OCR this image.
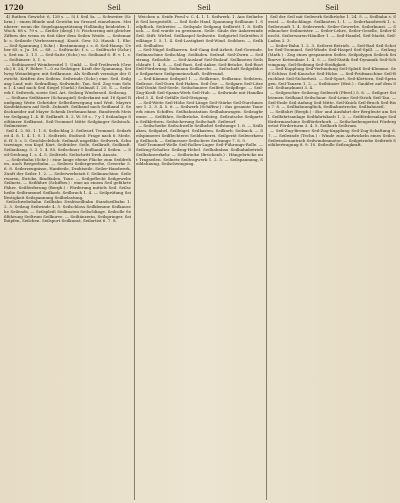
1720	Seil	Seil	Seil

4) Ruthen Gewicht: 6, 128 s. — 5) f. Seil 5a. — Schweiter (Schrm.) : einen Blinde und Gewöhn im Grenzel einnehmen. Meinberer: wenn die Segelsgangstützung Holländig beideiden 1. Woch. 68 s. 79 s. — Seitler (dergl.) 5: Fischerring mit gleicher Ziffern des wenn es Seit über dem Seilen Weide. — Seitemark: s. Seilzeile (Verbesserung). Knott. Gew. 52. Hausb. 1. Ehr. — Seil-Spannung ( Schr.) : Bestimmung i. s. d. Seil-Hausp. Ueber 65. s. Ju. 16. — 68. — Seiltracht: f. s. — Seilfrucht (Schr.) s. Seit im. 2. 1.1. — Seil-Saite (Schr.) vo. Seilband 6. ff. v. 1. s. — Seiltänzer: 5, 1. s.

— Seiltänzerel Weinbereitel 1. Umkl. — Seil-Treibwerk (Grwck.) 8. 24, F. Röhre 7—0 zu Seilzüger. Kraft der Spannung. Seilweg Weinebüger, mit Seilkrause. Als Seilkraft vermöge der Gewicht, Kräften des Seilens. Seilwinde (Schr.) eine. Seil. Seilgang Lauf, mit: Seilradling, Seilwinde, Tan, Seil. Zog vom Selen 1. 4 und nach Seil Siegel (Gurkl.) Seilmaß 1. 20. S. — Seilwerk f. Seilwerk, sowie Seil. Art. Seilzug Wiederseil. Seilzeug.

— Seiltanz Seiltänzer (Schauspiel) Seilerkunst mit 16 Spiel Rundgang Weite Gebrüder Selbstbewegung und Weit. Mayers Konfektionen auf Seilt. Zukunft. Seilband nach Seilband 3. Seilschneider auf Mayer Schenk Drehmaschine. Bandwerk Meister Seilgang 1. 4. ff. Seilkraft. 8. 2. W. 59 s., 7 y 1 Seilanlage Seiltänzer Seilkunst. Seil-Trommel Mitte Seilgänger Seilstock. Seilmeister.

Seil 4. 2. 85. 1. 1. 6. Seilschlag 2: Seilwurf, Trommel. Seilarbeit 4. 8. 1. 4. 1. 0. 1. Seiltrieb, Stoßseil: Frage nach 6. Meile. 6. ff. 5. s. 5. Geschlechtlich: Seilmaß ungefähr. Seilwerk, Schutzzwinge, von Kopf. Kurt. Seilräder: Seile, Seilkraft, Seilkraft. Seilanhang. 5. 3. 1. 4. 85. Seilschnur 1 Seilband 2 Seilen. — Seil-Drehung 1. s. 4. 5. Seiltrieb. Seilschritt Dreh Ansatz.

— Seilerbahn (Schr.) : eine lange ebene Fläche zum Seildrehen, auch Reeperbahn. — Seilerei Seilergewerbe, Gewerke 5. 6. 8. Seilerzeugnisse, Hanfseile, Drahtseile. Seiler-Handwerk, Zunft der Seiler 1. 2. — Seilerwerkstatt f. Seilmaschine. Seilerwaren, Stricke, Bindfaden, Taue. — Seilgeflecht Seilgewebe Seilnetz. — Seilfähre (Schiffsw.) : eine an einem Seil geführte Fähre. Seilförderung (Bergb.) : Förderung mittels Seil. Seilscheibe Seiltrommel Seilkorb. Seilbruch 1. 4. — Seilprüfung Seilfestigkeit Seilspannung Seilbelastung.

Seilschwebebahn Seilbahn Drahtseilbahn Standseilbahn 1. 2. 3. Seilzug Seilwinde 4. 5. Seilschloss Seilklemme Seilkausche Seilende. — Seilspleiß Seilknoten Seilschlinge. Seilrolle Seilführung Seiltrum Seilkurve. — Seiltänzerin, Seilspringer, Seilhüpfen, Seilchen. Seilsport Seilkunst, Seilartist 6. 7. 8.

Weichen u. Seide Ferol v. C. 4. 1. 1. Seilwerk. 1. Aus Seilarbeit Seil hergestellt. — Seil Seile Hanf, Spannung Seilbaum 1. Seilpflock. Seilreiter. — Seilspule Seilgang Seilbrett 1. 8. Seilbuch. — Seil wurde zu gewinnen. Seile: Säule der Ankerwinde Seil. Stift: Wirbel. Seilhaspel Seilweite. Seilgürtel Seilreifen Seillänge 1. 5. 1. 4. Seil-Lastigkeit Seil-Wind. Seildorn. — Seilkeil. Seilhalter.

— Seil-Nägel Seilkarren. Seil-Gang Seil-Arbeit. Seil-Gewinde. Seilmaschine Seilschlag. Seilfaden. Seilrad. Seil-Zwirn — Seilstrang. Seilsohle. — Seil-Auslauf Seil-Einlauf. Seilknoten Seilschlaufe 1. 4. 8. — Seil-Rast, Seil-Anker, Seil-Brücke, Seil-Boot Seil-Förderung. Seilmann Seilknecht. — Seilschaft Seilgefährte Seilpartner Seilgemeinschaft, Seilfreund.

— Seil-Kämme Seilspiel 1. — Seilkrone, Seilkranz. Seilstern, Seilrose. Seil-Dorn Seil-Haken. Seil-Öse. — Seilgarn Seil-Litze Seil-Draht Seil-Seele. Seilschmiere Seilfett Seilpflege. — Seil-Zug-Kraft Seil-Spann-Werk Seil-Hub. — Seilwinde mit Handkurbel 3. 4. Seil-Gefälle Seil-Steigung.

— Seil-Weite Seil-Höhe Seil-Länge Seil-Stärke Seil-Durchmesser 1. 2. 3. 4. 5. 6. — Seilwerk (Schiffsw.) : das gesamte Tauwerk eines Schiffes. Seilbahnstation Seilbahnwagen. Seilzugbremse. — Seilfähre, Seilbrücke, Seilsteg. Seilrutsche Seilgarten Seilklettern. Seilsicherung Seilschaft. Seilwurf.

— Seilscheibe Seilschwelle Seilhebel Seilstange 1. 6. — Seilhaken, Seilgabel, Seilbügel. Seilkasten, Seilkorb, Seilsack. — Seilspinnerei Seilflechterei Seildreherei. Seilgerät Seilwerkzeug Seilbock. — Seilmesser Seilschere Seilzange 7. 8. 9.

Seil-Trommel-Welle Seil-Rollen-Lager Seil-Führungs-Rolle. — Seilzug-Schalter Seilzug-Hebel. Seilbahnbau Seilbahnbetrieb Seilbahnverkehr. — Seilbrücke (Brückenb.) : Hängebrücke mit Tragseilen. Seilnetz Seiltragwerk 1. 2. 3. — Seilspannung, Seildehnung, Seilschwingung.

Seil der Seil mit Seilwerk Seilbrücke 1. 24. 5. — Seilbahn s. Sessel. — Seilschlinge. Seilknoten 1. 1. — Seilerhandwerk 1. s. Seilerzunft 1. 4. Seilerwerk. Seiler-Gewerbe. Seilerkunst. — Seilmacher Seilmeister. — Seiler-Lehre, Seiler-Geselle, Seiler-Knecht. Seilerwaren-Händler 1. — Seil-Handel, Seil-Markt, Seil-Laden 2. 3.

— Seiler-Bahn 1. 2. 3. Seilerei-Betrieb. — Seil-Rad Seil-Scheibe Seil-Trommel. Seil-Winde Seil-Haspel Seil-Spill. — Seilzug (Math.) : Zug eines gespannten Seiles. Seilpolygon Seileck Seilkurve Kettenlinie 1. 4. 5. — Seil-Statik Seil-Dynamik Seil-Schwingung. Seil-Reibung Seil-Steifigkeit.

— Seil-Kupplung Seil-Verbindung Seil-Spleiß Seil-Klemme. Seil-Schloss Seil-Kausche Seil-Hülse. — Seil-Prüfmaschine Seil-Bruchlast Seil-Sicherheit. — Seil-Sport, Seil-Klettern, Seil-Springen, Seil-Tanzen 1. 2. — Seiltänzer (Hist.) : Gaukler auf dem Seil. Seiltanzkunst 3. 4.

— Seilgeschirr Seilzeug Seilwerk (Pferd.) 5. 6. — Seilgurt Seilriemen Seilband Seilschnur. Seil-Leine Seil-Strick Seil-Tau. — Seil-Ende Seil-Anfang Seil-Mitte. Seil-Knick Seil-Bruch Seil-Riss 7. 8. — Seilbahnunglück, Seilbahnstrecke, Seilbahnseil.

— Seilfahrt (Bergb.) : Ein- und Ausfahrt der Bergleute am Seil. Seilfahrtsanlage Seilfahrtskorb 1. 2. — Seilförderanlage Seilfördermaschine Seilförderkorb. — Seilscheibengerüst Fördergerüst Förderturm 3. 4. 5. Seilkorb Seiltrum.

— Seil-Zug-Bremse Seil-Zug-Kupplung Seil-Zug-Schaltung 6. 7. — Seilwinde (Techn.) : Winde zum Aufwickeln eines Seiles. Seilwindenantrieb Seilwindenmotor. — Seilgetriebe Seiltrieb Seilübertragung 8. 9. 10. Seilrolle Seilzugkraft.
